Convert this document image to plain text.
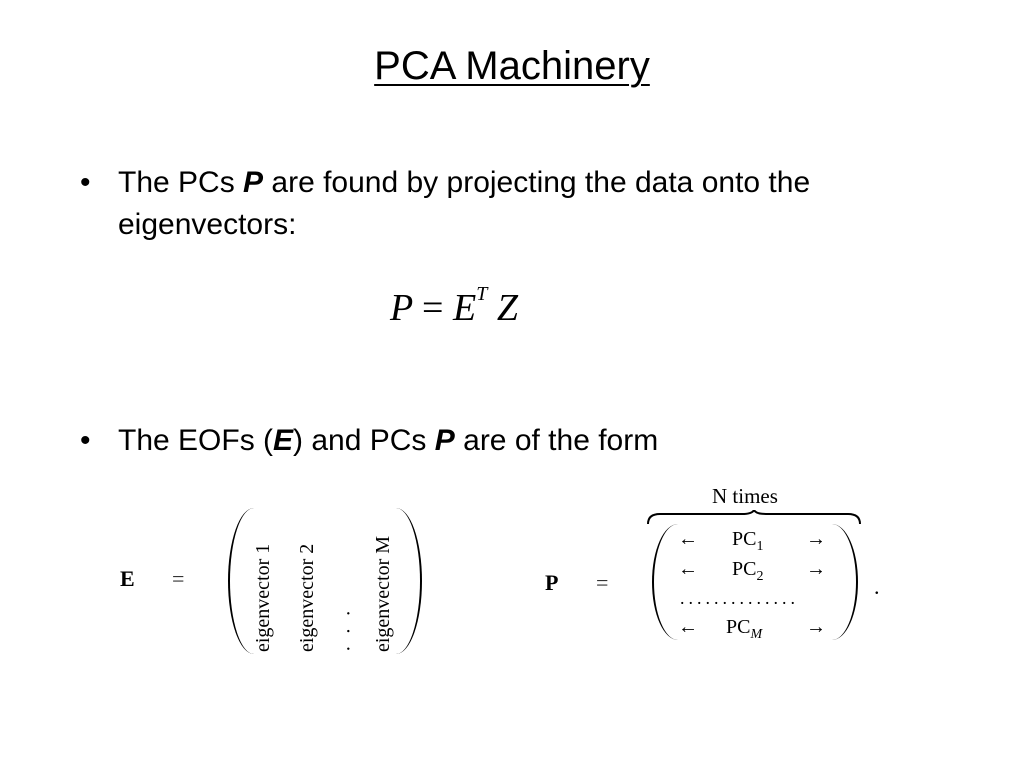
PCA Machinery
• The PCs P are found by projecting the data onto the
eigenvectors:
$P = E^T$ Z
• The EOFs (E) and PCs P are of the form
E =	eigenvector 1 eigenvector 2 · · · eigenvector M	P =
N times
← $PC_1$ →
← $PC_2$ →
..............
← $PC_M$ →
.
